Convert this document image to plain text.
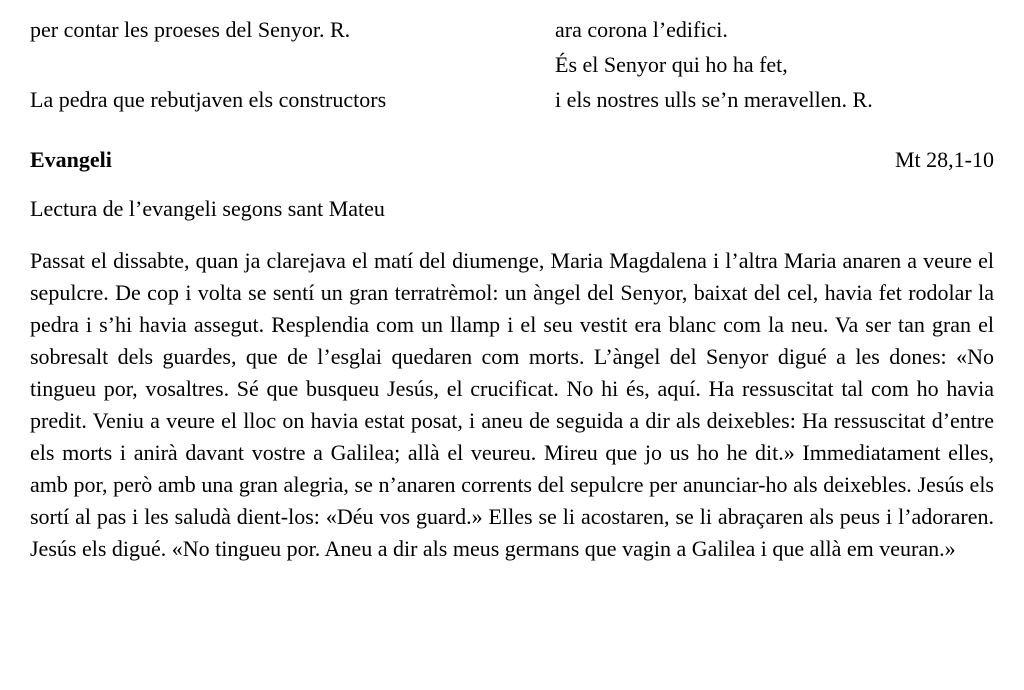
per contar les proeses del Senyor. R.
La pedra que rebutjaven els constructors
ara corona l’edifici.
És el Senyor qui ho ha fet,
i els nostres ulls se’n meravellen. R.
Evangeli	Mt 28,1-10
Lectura de l’evangeli segons sant Mateu

Passat el dissabte, quan ja clarejava el matí del diumenge, Maria Magdalena i l’altra Maria anaren a veure el sepulcre. De cop i volta se sentí un gran terratrèmol: un àngel del Senyor, baixat del cel, havia fet rodolar la pedra i s’hi havia assegut. Resplendia com un llamp i el seu vestit era blanc com la neu. Va ser tan gran el sobresalt dels guardes, que de l’esglai quedaren com morts. L’àngel del Senyor digué a les dones: «No tingueu por, vosaltres. Sé que busqueu Jesús, el crucificat. No hi és, aquí. Ha ressuscitat tal com ho havia predit. Veniu a veure el lloc on havia estat posat, i aneu de seguida a dir als deixebles: Ha ressuscitat d’entre els morts i anirà davant vostre a Galilea; allà el veureu. Mireu que jo us ho he dit.» Immediatament elles, amb por, però amb una gran alegria, se n’anaren corrents del sepulcre per anunciar-ho als deixebles. Jesús els sortí al pas i les saludà dient-los: «Déu vos guard.» Elles se li acostaren, se li abraçaren als peus i l’adoraren. Jesús els digué. «No tingueu por. Aneu a dir als meus germans que vagin a Galilea i que allà em veuran.»
